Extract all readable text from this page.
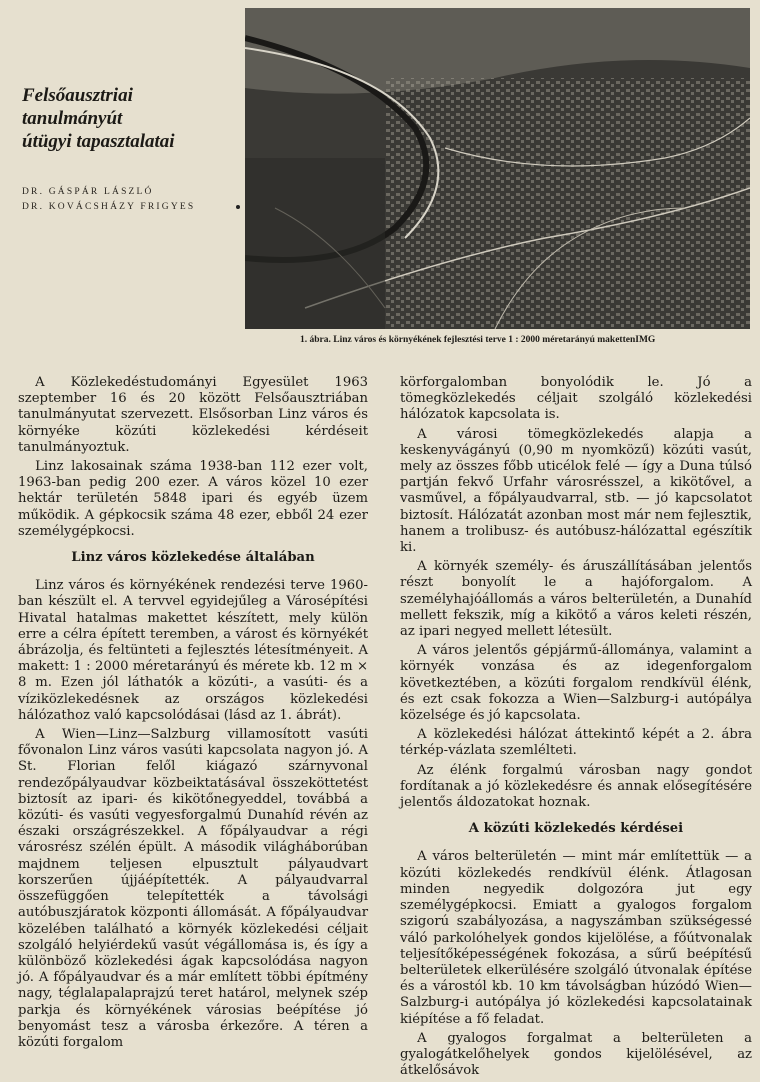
Felsőausztriai
tanulmányút
útügyi tapasztalatai
DR. GÁSPÁR LÁSZLÓ
DR. KOVÁCSHÁZY FRIGYES
1. ábra. Linz város és környékének fejlesztési terve 1 : 2000 méretarányú makettenIMG

A Közlekedéstudományi Egyesület 1963 szeptember 16 és 20 között Felsőausztriában tanulmányutat szervezett. Elsősorban Linz város és környéke közúti közlekedési kérdéseit tanulmányoztuk.

Linz lakosainak száma 1938-ban 112 ezer volt, 1963-ban pedig 200 ezer. A város közel 10 ezer hektár területén 5848 ipari és egyéb üzem működik. A gépkocsik száma 48 ezer, ebből 24 ezer személygépkocsi.

Linz város közlekedése általában

Linz város és környékének rendezési terve 1960-ban készült el. A tervvel egyidejűleg a Városépítési Hivatal hatalmas makettet készített, mely külön erre a célra épített teremben, a várost és környékét ábrázolja, és feltünteti a fejlesztés létesítményeit. A makett: 1 : 2000 méretarányú és mérete kb. 12 m × 8 m. Ezen jól láthatók a közúti-, a vasúti- és a víziközlekedésnek az országos közlekedési hálózathoz való kapcsolódásai (lásd az 1. ábrát).

A Wien—Linz—Salzburg villamosított vasúti fővonalon Linz város vasúti kapcsolata nagyon jó. A St. Florian felől kiágazó szárnyvonal rendezőpályaudvar közbeiktatásával összeköttetést biztosít az ipari- és kikötőnegyeddel, továbbá a közúti- és vasúti vegyesforgalmú Dunahíd révén az északi országrészekkel. A főpályaudvar a régi városrész szélén épült. A második világháborúban majdnem teljesen elpusztult pályaudvart korszerűen újjáépítették. A pályaudvarral összefüggően telepítették a távolsági autóbuszjáratok központi állomását. A főpályaudvar közelében található a környék közlekedési céljait szolgáló helyiérdekű vasút végállomása is, és így a különböző közlekedési ágak kapcsolódása nagyon jó. A főpályaudvar és a már említett többi építmény nagy, téglalapalaprajzú teret határol, melynek szép parkja és környékének városias beépítése jó benyomást tesz a városba érkezőre. A téren a közúti forgalom

körforgalomban bonyolódik le. Jó a tömegközlekedés céljait szolgáló közlekedési hálózatok kapcsolata is.

A városi tömegközlekedés alapja a keskenyvágányú (0,90 m nyomközű) közúti vasút, mely az összes főbb uticélok felé — így a Duna túlsó partján fekvő Urfahr városrésszel, a kikötővel, a vasművel, a főpályaudvarral, stb. — jó kapcsolatot biztosít. Hálózatát azonban most már nem fejlesztik, hanem a trolibusz- és autóbusz-hálózattal egészítik ki.

A környék személy- és áruszállításában jelentős részt bonyolít le a hajóforgalom. A személyhajóállomás a város belterületén, a Dunahíd mellett fekszik, míg a kikötő a város keleti részén, az ipari negyed mellett létesült.

A város jelentős gépjármű-állománya, valamint a környék vonzása és az idegenforgalom következtében, a közúti forgalom rendkívül élénk, és ezt csak fokozza a Wien—Salzburg-i autópálya közelsége és jó kapcsolata.

A közlekedési hálózat áttekintő képét a 2. ábra térkép-vázlata szemlélteti.

Az élénk forgalmú városban nagy gondot fordítanak a jó közlekedésre és annak elősegítésére jelentős áldozatokat hoznak.

A közúti közlekedés kérdései

A város belterületén — mint már említettük — a közúti közlekedés rendkívül élénk. Átlagosan minden negyedik dolgozóra jut egy személygépkocsi. Emiatt a gyalogos forgalom szigorú szabályozása, a nagyszámban szükségessé váló parkolóhelyek gondos kijelölése, a főútvonalak teljesítőképességének fokozása, a sűrű beépítésű belterületek elkerülésére szolgáló útvonalak építése és a várostól kb. 10 km távolságban húzódó Wien—Salzburg-i autópálya jó közlekedési kapcsolatainak kiépítése a fő feladat.

A gyalogos forgalmat a belterületen a gyalogátkelőhelyek gondos kijelölésével, az átkelősávok
